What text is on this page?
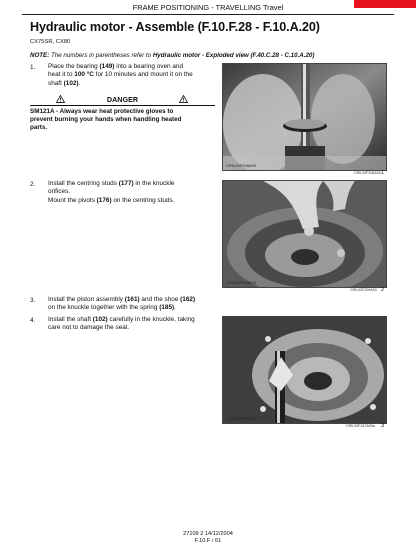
FRAME POSITIONING - TRAVELLING Travel
Hydraulic motor - Assemble (F.10.F.28 - F.10.A.20)
CX75SR, CX80
NOTE: The numbers in parentheses refer to Hydraulic motor - Exploded view (F.40.C.28 - C.10.A.20)
1. Place the bearing (149) into a bearing oven and
heat it to 100 °C for 10 minutes and mount it on the
shaft (102).
DANGER
SM121A - Always wear heat protective gloves to
prevent burning your hands when handling heated
parts.
CRIL03F208A05
CRIL03F208A05 1
2. Install the centring studs (177) in the knuckle
orifices.
Mount the pivots (176) on the centring studs.
CRIL03F209A03
CRIL03F209A03 2
3. Install the piston assembly (161) and the shoe (162)
on the knuckle together with the spring (185).
4. Install the shaft (102) carefully in the knuckle, taking
care not to damage the seal.
CRIL03F167A05
CRIL03F167A05a 3
27109 2 14/12/2004
F.10.F / 61
